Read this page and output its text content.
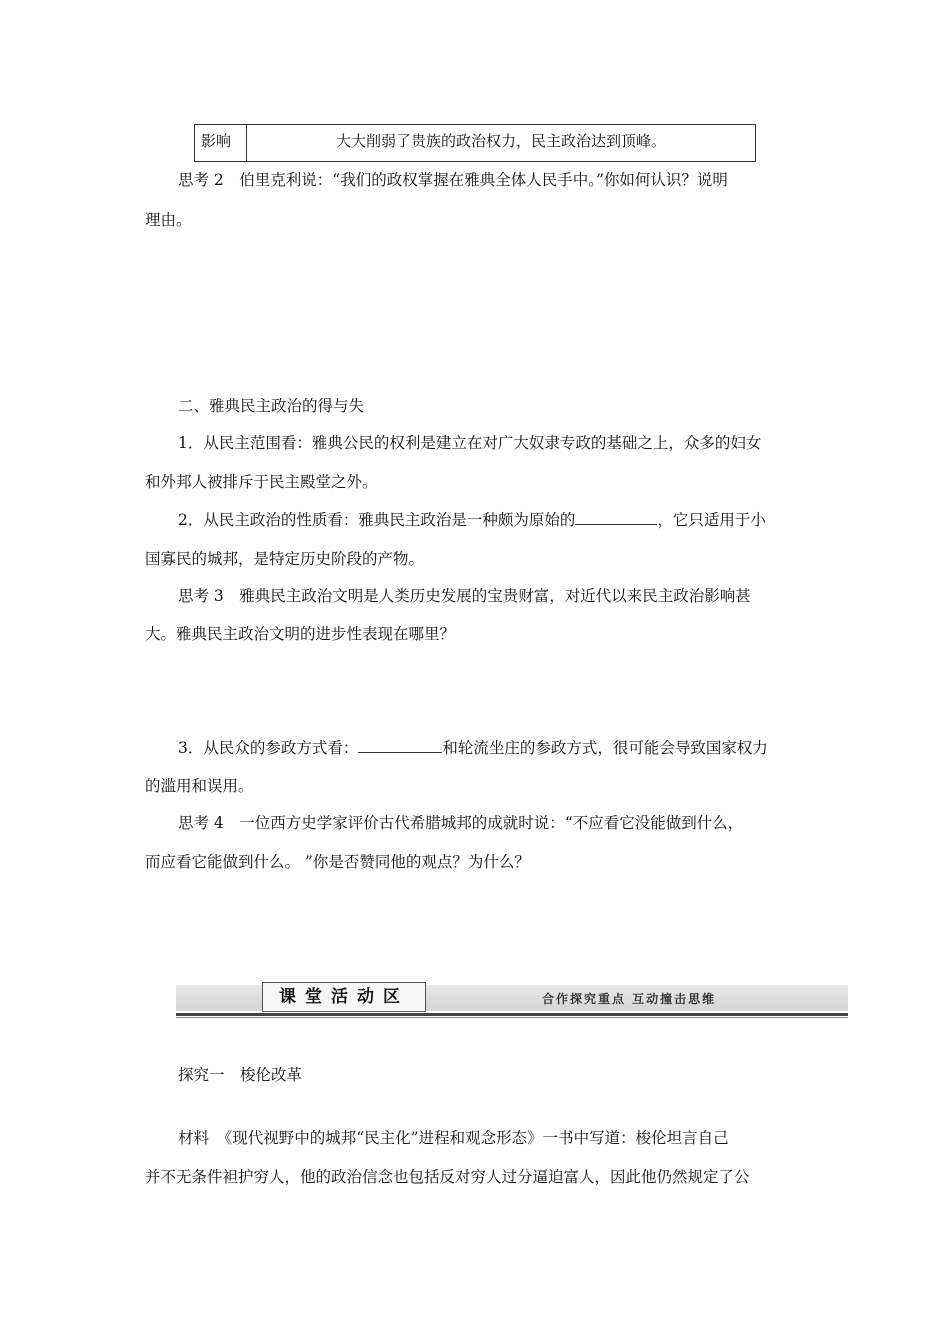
影响	大大削弱了贵族的政治权力，民主政治达到顶峰。
思考 2　伯里克利说：“我们的政权掌握在雅典全体人民手中。”你如何认识？说明
理由。
二、雅典民主政治的得与失
1．从民主范围看：雅典公民的权利是建立在对广大奴隶专政的基础之上，众多的妇女
和外邦人被排斥于民主殿堂之外。
2．从民主政治的性质看：雅典民主政治是一种颇为原始的	，它只适用于小
国寡民的城邦，是特定历史阶段的产物。
思考 3　雅典民主政治文明是人类历史发展的宝贵财富，对近代以来民主政治影响甚
大。雅典民主政治文明的进步性表现在哪里？
3．从民众的参政方式看：	和轮流坐庄的参政方式，很可能会导致国家权力
的滥用和误用。
思考 4　一位西方史学家评价古代希腊城邦的成就时说：“不应看它没能做到什么，
而应看它能做到什么。 ”你是否赞同他的观点？为什么？
课堂活动区	合作探究重点 互动撞击思维
探究一　梭伦改革
材料　《现代视野中的城邦“民主化”进程和观念形态》一书中写道：梭伦坦言自己
并不无条件袒护穷人，他的政治信念也包括反对穷人过分逼迫富人，因此他仍然规定了公
